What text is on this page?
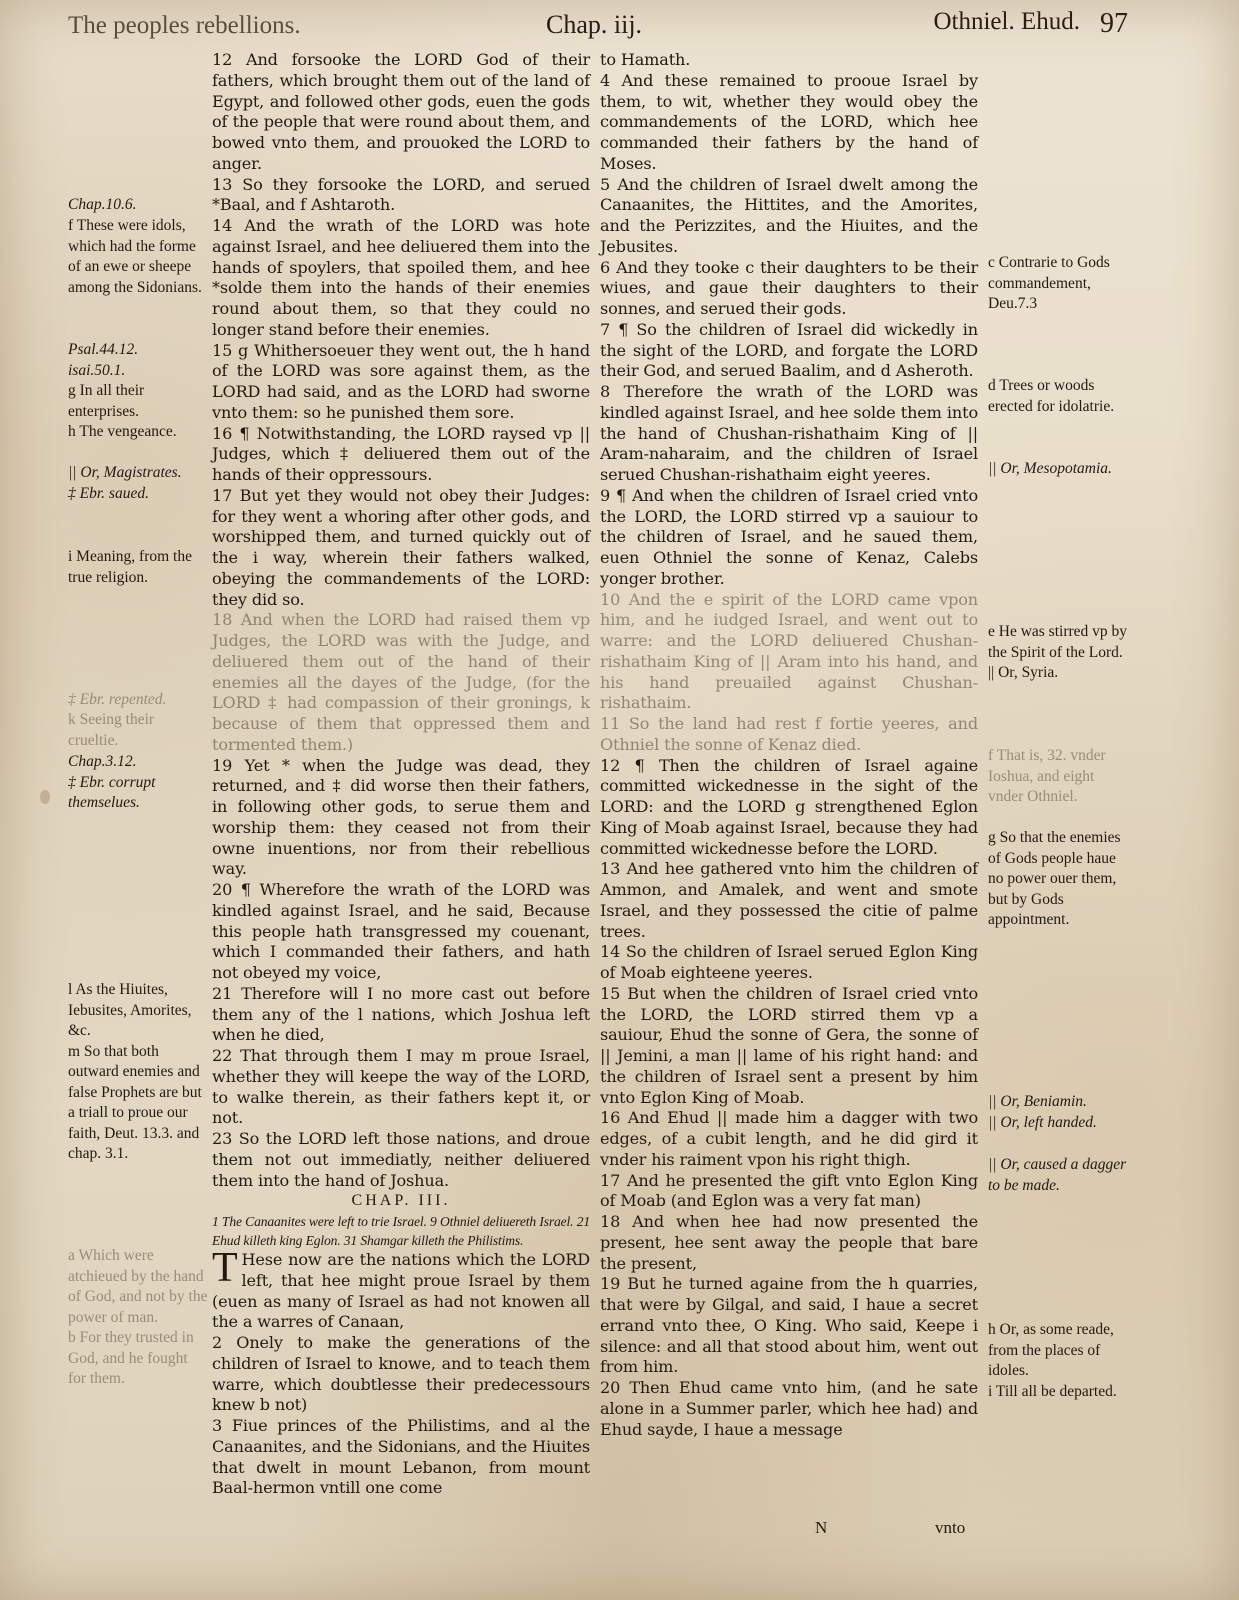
The peoples rebellions.	Chap. iij.	Othniel. Ehud. 97

12 And forsooke the LORD God of their fathers, which brought them out of the land of Egypt, and followed other gods, euen the gods of the people that were round about them, and bowed vnto them, and prouoked the LORD to anger.

13 So they forsooke the LORD, and serued *Baal, and f Ashtaroth.

14 And the wrath of the LORD was hote against Israel, and hee deliuered them into the hands of spoylers, that spoiled them, and hee *solde them into the hands of their enemies round about them, so that they could no longer stand before their enemies.

15 g Whithersoeuer they went out, the h hand of the LORD was sore against them, as the LORD had said, and as the LORD had sworne vnto them: so he punished them sore.

16 ¶ Notwithstanding, the LORD raysed vp || Judges, which ‡ deliuered them out of the hands of their oppressours.

17 But yet they would not obey their Judges: for they went a whoring after other gods, and worshipped them, and turned quickly out of the i way, wherein their fathers walked, obeying the commandements of the LORD: they did so.

18 And when the LORD had raised them vp Judges, the LORD was with the Judge, and deliuered them out of the hand of their enemies all the dayes of the Judge, (for the LORD ‡ had compassion of their gronings, k because of them that oppressed them and tormented them.)

19 Yet * when the Judge was dead, they returned, and ‡ did worse then their fathers, in following other gods, to serue them and worship them: they ceased not from their owne inuentions, nor from their rebellious way.

20 ¶ Wherefore the wrath of the LORD was kindled against Israel, and he said, Because this people hath transgressed my couenant, which I commanded their fathers, and hath not obeyed my voice,

21 Therefore will I no more cast out before them any of the l nations, which Joshua left when he died,

22 That through them I may m proue Israel, whether they will keepe the way of the LORD, to walke therein, as their fathers kept it, or not.

23 So the LORD left those nations, and droue them not out immediatly, neither deliuered them into the hand of Joshua.

CHAP. III.

1 The Canaanites were left to trie Israel. 9 Othniel deliuereth Israel. 21 Ehud killeth king Eglon. 31 Shamgar killeth the Philistims.

T Hese now are the nations which the LORD left, that hee might proue Israel by them (euen as many of Israel as had not knowen all the a warres of Canaan,

2 Onely to make the generations of the children of Israel to knowe, and to teach them warre, which doubtlesse their predecessours knew b not)

3 Fiue princes of the Philistims, and al the Canaanites, and the Sidonians, and the Hiuites that dwelt in mount Lebanon, from mount Baal-hermon vntill one come

to Hamath.

4 And these remained to prooue Israel by them, to wit, whether they would obey the commandements of the LORD, which hee commanded their fathers by the hand of Moses.

5 And the children of Israel dwelt among the Canaanites, the Hittites, and the Amorites, and the Perizzites, and the Hiuites, and the Jebusites.

6 And they tooke c their daughters to be their wiues, and gaue their daughters to their sonnes, and serued their gods.

7 ¶ So the children of Israel did wickedly in the sight of the LORD, and forgate the LORD their God, and serued Baalim, and d Asheroth.

8 Therefore the wrath of the LORD was kindled against Israel, and hee solde them into the hand of Chushan-rishathaim King of || Aram-naharaim, and the children of Israel serued Chushan-rishathaim eight yeeres.

9 ¶ And when the children of Israel cried vnto the LORD, the LORD stirred vp a sauiour to the children of Israel, and he saued them, euen Othniel the sonne of Kenaz, Calebs yonger brother.

10 And the e spirit of the LORD came vpon him, and he iudged Israel, and went out to warre: and the LORD deliuered Chushan-rishathaim King of || Aram into his hand, and his hand preuailed against Chushan-rishathaim.

11 So the land had rest f fortie yeeres, and Othniel the sonne of Kenaz died.

12 ¶ Then the children of Israel againe committed wickednesse in the sight of the LORD: and the LORD g strengthened Eglon King of Moab against Israel, because they had committed wickednesse before the LORD.

13 And hee gathered vnto him the children of Ammon, and Amalek, and went and smote Israel, and they possessed the citie of palme trees.

14 So the children of Israel serued Eglon King of Moab eighteene yeeres.

15 But when the children of Israel cried vnto the LORD, the LORD stirred them vp a sauiour, Ehud the sonne of Gera, the sonne of || Jemini, a man || lame of his right hand: and the children of Israel sent a present by him vnto Eglon King of Moab.

16 And Ehud || made him a dagger with two edges, of a cubit length, and he did gird it vnder his raiment vpon his right thigh.

17 And he presented the gift vnto Eglon King of Moab (and Eglon was a very fat man)

18 And when hee had now presented the present, hee sent away the people that bare the present,

19 But he turned againe from the h quarries, that were by Gilgal, and said, I haue a secret errand vnto thee, O King. Who said, Keepe i silence: and all that stood about him, went out from him.

20 Then Ehud came vnto him, (and he sate alone in a Summer parler, which hee had) and Ehud sayde, I haue a message

Chap.10.6.
f These were idols, which had the forme of an ewe or sheepe among the Sidonians.
Psal.44.12.
isai.50.1.
g In all their enterprises.
h The vengeance.
|| Or, Magistrates.
‡ Ebr. saued.
i Meaning, from the true religion.
‡ Ebr. repented.
k Seeing their crueltie.
Chap.3.12.
‡ Ebr. corrupt themselues.
l As the Hiuites, Iebusites, Amorites, &c.
m So that both outward enemies and false Prophets are but a triall to proue our faith, Deut. 13.3. and chap. 3.1.
a Which were atchieued by the hand of God, and not by the power of man.
b For they trusted in God, and he fought for them.
c Contrarie to Gods commandement, Deu.7.3
d Trees or woods erected for idolatrie.
|| Or, Mesopotamia.
e He was stirred vp by the Spirit of the Lord.
|| Or, Syria.
f That is, 32. vnder Ioshua, and eight vnder Othniel.
g So that the enemies of Gods people haue no power ouer them, but by Gods appointment.
|| Or, Beniamin.
|| Or, left handed.
|| Or, caused a dagger to be made.
h Or, as some reade, from the places of idoles.
i Till all be departed.
N	vnto
